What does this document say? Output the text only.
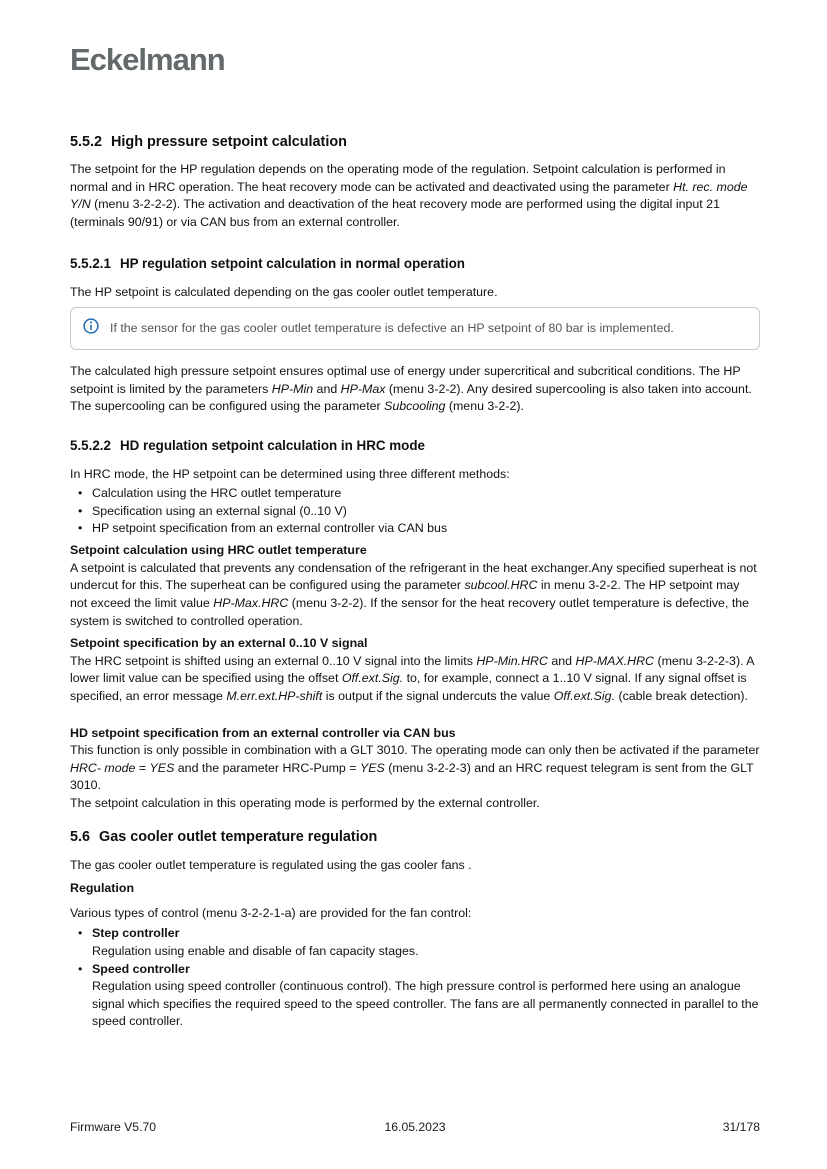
Eckelmann
5.5.2 High pressure setpoint calculation

The setpoint for the HP regulation depends on the operating mode of the regulation. Setpoint calculation is performed in normal and in HRC operation. The heat recovery mode can be activated and deactivated using the parameter Ht. rec. mode Y/N (menu 3-2-2-2). The activation and deactivation of the heat recovery mode are performed using the digital input 21 (terminals 90/91) or via CAN bus from an external controller.

5.5.2.1 HP regulation setpoint calculation in normal operation

The HP setpoint is calculated depending on the gas cooler outlet temperature.

If the sensor for the gas cooler outlet temperature is defective an HP setpoint of 80 bar is implemented.

The calculated high pressure setpoint ensures optimal use of energy under supercritical and subcritical conditions. The HP setpoint is limited by the parameters HP-Min and HP-Max (menu 3-2-2). Any desired supercooling is also taken into account. The supercooling can be configured using the parameter Subcooling (menu 3-2-2).

5.5.2.2 HD regulation setpoint calculation in HRC mode

In HRC mode, the HP setpoint can be determined using three different methods:

• Calculation using the HRC outlet temperature
• Specification using an external signal (0..10 V)
• HP setpoint specification from an external controller via CAN bus
Setpoint calculation using HRC outlet temperature
A setpoint is calculated that prevents any condensation of the refrigerant in the heat exchanger.Any specified superheat is not undercut for this. The superheat can be configured using the parameter subcool.HRC in menu 3-2-2. The HP setpoint may not exceed the limit value HP-Max.HRC (menu 3-2-2). If the sensor for the heat recovery outlet temperature is defective, the system is switched to controlled operation.
Setpoint specification by an external 0..10 V signal
The HRC setpoint is shifted using an external 0..10 V signal into the limits HP-Min.HRC and HP-MAX.HRC (menu 3-2-2-3). A lower limit value can be specified using the offset Off.ext.Sig. to, for example, connect a 1..10 V signal. If any signal offset is specified, an error message M.err.ext.HP-shift is output if the signal undercuts the value Off.ext.Sig. (cable break detection).
HD setpoint specification from an external controller via CAN bus
This function is only possible in combination with a GLT 3010. The operating mode can only then be activated if the parameter HRC- mode = YES and the parameter HRC-Pump = YES (menu 3-2-2-3) and an HRC request telegram is sent from the GLT 3010.
The setpoint calculation in this operating mode is performed by the external controller.
5.6 Gas cooler outlet temperature regulation

The gas cooler outlet temperature is regulated using the gas cooler fans .

Regulation

Various types of control (menu 3-2-2-1-a) are provided for the fan control:

• Step controller
Regulation using enable and disable of fan capacity stages.
• Speed controller
Regulation using speed controller (continuous control). The high pressure control is performed here using an analogue signal which specifies the required speed to the speed controller. The fans are all permanently connected in parallel to the speed controller.
Firmware V5.70	16.05.2023	31/178
